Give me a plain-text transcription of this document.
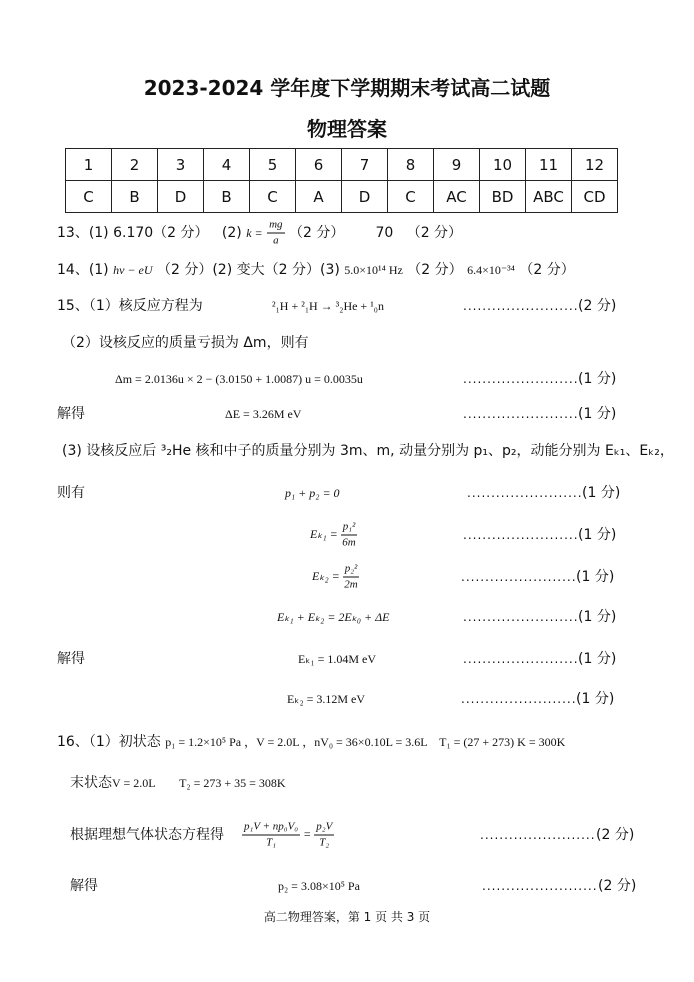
2023-2024 学年度下学期期末考试高二试题
物理答案
1	2	3	4	5	6	7	8	9	10	11	12
C	B	D	B	C	A	D	C	AC	BD	ABC	CD
13、(1) 6.170（2 分） (2) $k = \frac{mg}{a} (2$ 分） 70 （2 分）
14、(1) hν − eU （2 分）(2) 变大（2 分）(3) 5.0×10¹⁴ Hz （2 分） 6.4×10⁻³⁴ （2 分）
15、（1）核反应方程为	²₁H + ²₁H → ³₂He + ¹₀n	........................ (2 分)
（2）设核反应的质量亏损为 Δm，则有
Δm = 2.0136u × 2 − (3.0150 + 1.0087) u = 0.0035u	........................ (1 分)
解得	ΔE = 3.26M eV	........................ (1 分)
(3) 设核反应后 ³₂He 核和中子的质量分别为 3m、m, 动量分别为 p₁、p₂，动能分别为 Eₖ₁、Eₖ₂，
则有	p₁ + p₂ = 0	........................ (1 分)
$E_{k1} = \frac{\text{p₁²}}{6m}$	........................ (1 分)
$E_{k2} = \frac{\text{p₂²}}{2m}$	........................ (1 分)
Eₖ₁ + Eₖ₂ = 2Eₖ₀ + ΔE	........................ (1 分)
解得	Eₖ₁ = 1.04M eV	........................ (1 分)
Eₖ₂ = 3.12M eV	........................ (1 分)
16、（1）初状态 p₁ = 1.2×10⁵ Pa ，V = 2.0L ，nV₀ = 36×0.10L = 3.6L　T₁ = (27 + 273) K = 300K
末状态V = 2.0L　　T₂ = 273 + 35 = 308K
根据理想气体状态方程得 $\frac{\text{p₁V + np₀V₀}}{\text{T₁}} = \frac{\text{p₂V}}{\text{T₂}}$	........................ (2 分)
解得	p₂ = 3.08×10⁵ Pa	........................ (2 分)
高二物理答案，第 1 页 共 3 页
